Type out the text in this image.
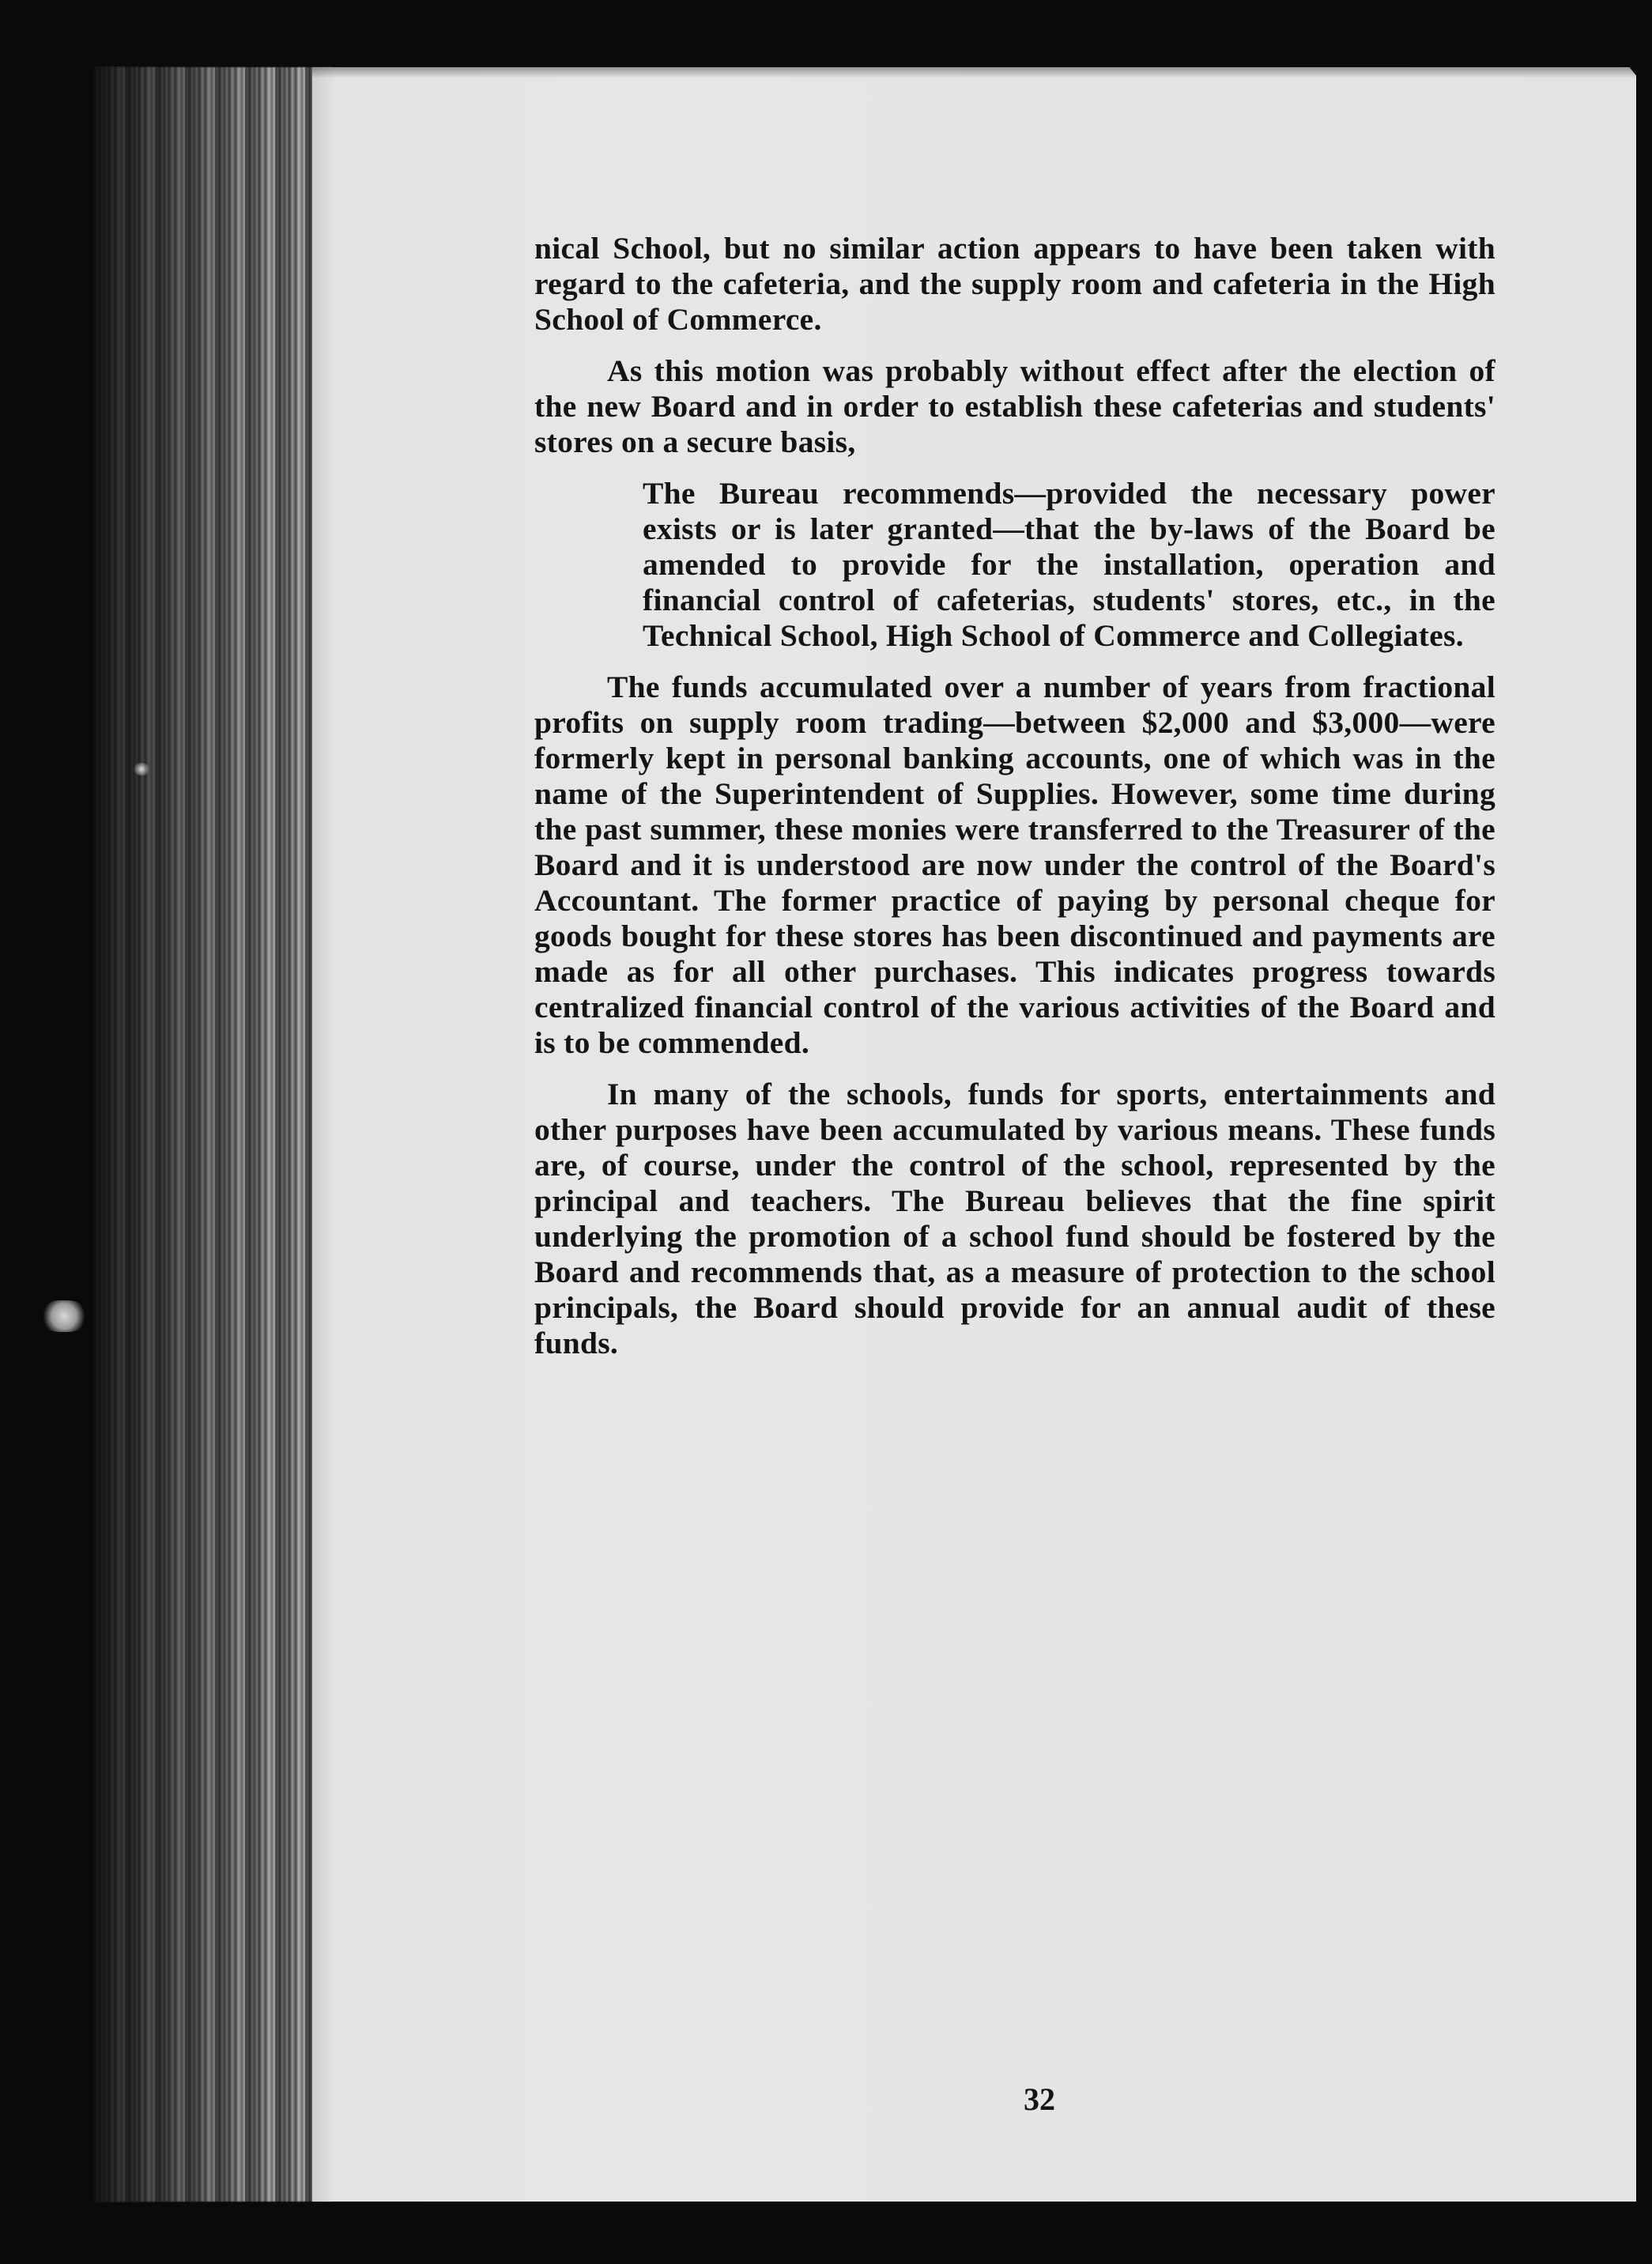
nical School, but no similar action appears to have been taken with regard to the cafeteria, and the supply room and cafeteria in the High School of Commerce.

As this motion was probably without effect after the election of the new Board and in order to establish these cafeterias and students' stores on a secure basis,

The Bureau recommends—provided the necessary power exists or is later granted—that the by-laws of the Board be amended to provide for the installation, operation and financial control of cafeterias, students' stores, etc., in the Technical School, High School of Commerce and Collegiates.

The funds accumulated over a number of years from fractional profits on supply room trading—between $2,000 and $3,000—were formerly kept in personal banking accounts, one of which was in the name of the Superintendent of Supplies. However, some time during the past summer, these monies were transferred to the Treasurer of the Board and it is understood are now under the control of the Board's Accountant. The former practice of paying by personal cheque for goods bought for these stores has been discontinued and payments are made as for all other purchases. This indicates progress towards centralized financial control of the various activities of the Board and is to be commended.

In many of the schools, funds for sports, entertainments and other purposes have been accumulated by various means. These funds are, of course, under the control of the school, represented by the principal and teachers. The Bureau believes that the fine spirit underlying the promotion of a school fund should be fostered by the Board and recommends that, as a measure of protection to the school principals, the Board should provide for an annual audit of these funds.

32
